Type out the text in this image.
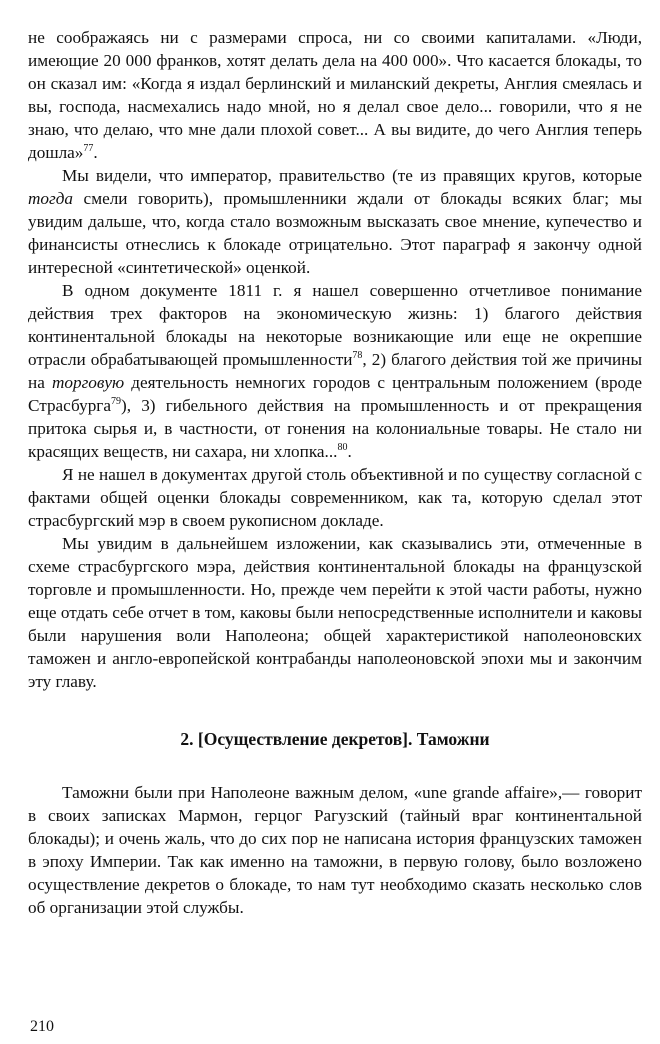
не соображаясь ни с размерами спроса, ни со своими капиталами. «Люди, имеющие 20 000 франков, хотят делать дела на 400 000». Что касается блокады, то он сказал им: «Когда я издал берлинский и миланский декреты, Англия смеялась и вы, господа, насмехались надо мной, но я делал свое дело... говорили, что я не знаю, что делаю, что мне дали плохой совет... А вы видите, до чего Англия теперь дошла»$^{77}$.

Мы видели, что император, правительство (те из правящих кругов, которые тогда смели говорить), промышленники ждали от блокады всяких благ; мы увидим дальше, что, когда стало возможным высказать свое мнение, купечество и финансисты отнеслись к блокаде отрицательно. Этот параграф я закончу одной интересной «синтетической» оценкой.

В одном документе 1811 г. я нашел совершенно отчетливое понимание действия трех факторов на экономическую жизнь: 1) благого действия континентальной блокады на некоторые возникающие или еще не окрепшие отрасли обрабатывающей промышленности$^{78}$, 2) благого действия той же причины на торговую деятельность немногих городов с центральным положением (вроде Страсбурга$^{79}$), 3) гибельного действия на промышленность и от прекращения притока сырья и, в частности, от гонения на колониальные товары. Не стало ни красящих веществ, ни сахара, ни хлопка...$^{80}$.

Я не нашел в документах другой столь объективной и по существу согласной с фактами общей оценки блокады современником, как та, которую сделал этот страсбургский мэр в своем рукописном докладе.

Мы увидим в дальнейшем изложении, как сказывались эти, отмеченные в схеме страсбургского мэра, действия континентальной блокады на французской торговле и промышленности. Но, прежде чем перейти к этой части работы, нужно еще отдать себе отчет в том, каковы были непосредственные исполнители и каковы были нарушения воли Наполеона; общей характеристикой наполеоновских таможен и англо-европейской контрабанды наполеоновской эпохи мы и закончим эту главу.

2. [Осуществление декретов]. Таможни

Таможни были при Наполеоне важным делом, «une grande affaire»,— говорит в своих записках Мармон, герцог Рагузский (тайный враг континентальной блокады); и очень жаль, что до сих пор не написана история французских таможен в эпоху Империи. Так как именно на таможни, в первую голову, было возложено осуществление декретов о блокаде, то нам тут необходимо сказать несколько слов об организации этой службы.

210
